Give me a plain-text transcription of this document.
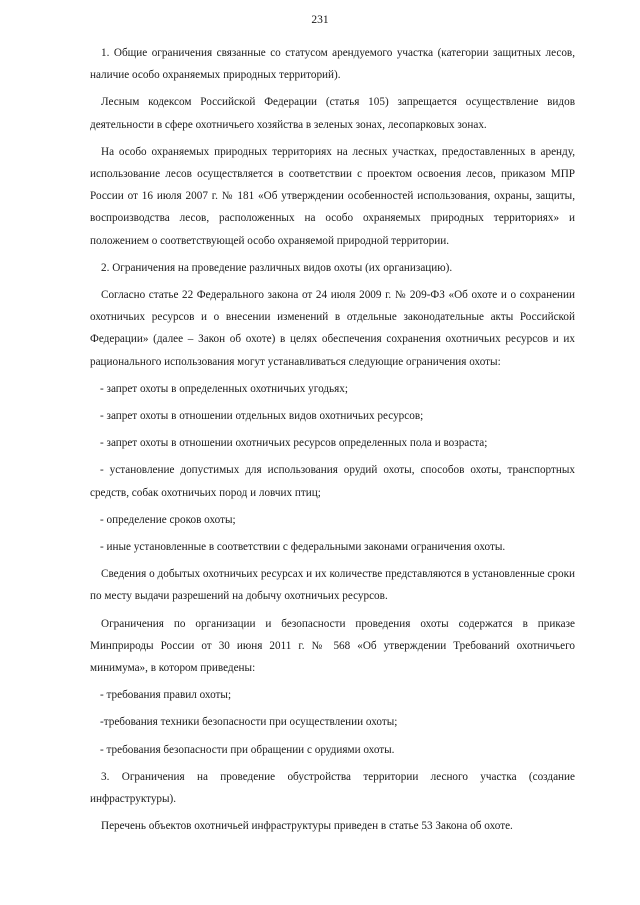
231

1. Общие ограничения связанные со статусом арендуемого участка (категории защитных лесов, наличие особо охраняемых природных территорий).

Лесным кодексом Российской Федерации (статья 105) запрещается осуществление видов деятельности в сфере охотничьего хозяйства в зеленых зонах, лесопарковых зонах.

На особо охраняемых природных территориях на лесных участках, предоставленных в аренду, использование лесов осуществляется в соответствии с проектом освоения лесов, приказом МПР России от 16 июля 2007 г. № 181 «Об утверждении особенностей использования, охраны, защиты, воспроизводства лесов, расположенных на особо охраняемых природных территориях» и положением о соответствующей особо охраняемой природной территории.

2. Ограничения на проведение различных видов охоты (их организацию).

Согласно статье 22 Федерального закона от 24 июля 2009 г. № 209-ФЗ «Об охоте и о сохранении охотничьих ресурсов и о внесении изменений в отдельные законодательные акты Российской Федерации» (далее – Закон об охоте) в целях обеспечения сохранения охотничьих ресурсов и их рационального использования могут устанавливаться следующие ограничения охоты:

- запрет охоты в определенных охотничьих угодьях;

- запрет охоты в отношении отдельных видов охотничьих ресурсов;

- запрет охоты в отношении охотничьих ресурсов определенных пола и возраста;

- установление допустимых для использования орудий охоты, способов охоты, транспортных средств, собак охотничьих пород и ловчих птиц;

- определение сроков охоты;

- иные установленные в соответствии с федеральными законами ограничения охоты.

Сведения о добытых охотничьих ресурсах и их количестве представляются в установленные сроки по месту выдачи разрешений на добычу охотничьих ресурсов.

Ограничения по организации и безопасности проведения охоты содержатся в приказе Минприроды России от 30 июня 2011 г. № 568 «Об утверждении Требований охотничьего минимума», в котором приведены:

- требования правил охоты;

-требования техники безопасности при осуществлении охоты;

- требования безопасности при обращении с орудиями охоты.

3. Ограничения на проведение обустройства территории лесного участка (создание инфраструктуры).

Перечень объектов охотничьей инфраструктуры приведен в статье 53 Закона об охоте.
